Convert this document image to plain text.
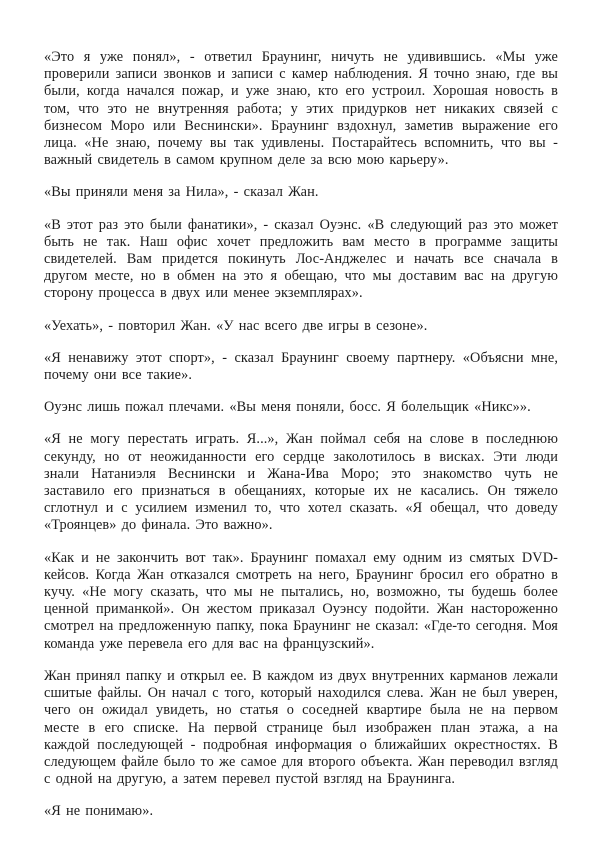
«Это я уже понял», - ответил Браунинг, ничуть не удивившись. «Мы уже проверили записи звонков и записи с камер наблюдения. Я точно знаю, где вы были, когда начался пожар, и уже знаю, кто его устроил. Хорошая новость в том, что это не внутренняя работа; у этих придурков нет никаких связей с бизнесом Моро или Веснински». Браунинг вздохнул, заметив выражение его лица. «Не знаю, почему вы так удивлены. Постарайтесь вспомнить, что вы - важный свидетель в самом крупном деле за всю мою карьеру».

«Вы приняли меня за Нила», - сказал Жан.

«В этот раз это были фанатики», - сказал Оуэнс. «В следующий раз это может быть не так. Наш офис хочет предложить вам место в программе защиты свидетелей. Вам придется покинуть Лос-Анджелес и начать все сначала в другом месте, но в обмен на это я обещаю, что мы доставим вас на другую сторону процесса в двух или менее экземплярах».

«Уехать», - повторил Жан. «У нас всего две игры в сезоне».

«Я ненавижу этот спорт», - сказал Браунинг своему партнеру. «Объясни мне, почему они все такие».

Оуэнс лишь пожал плечами. «Вы меня поняли, босс. Я болельщик «Никс»».

«Я не могу перестать играть. Я...», Жан поймал себя на слове в последнюю секунду, но от неожиданности его сердце заколотилось в висках. Эти люди знали Натаниэля Веснински и Жана-Ива Моро; это знакомство чуть не заставило его признаться в обещаниях, которые их не касались. Он тяжело сглотнул и с усилием изменил то, что хотел сказать. «Я обещал, что доведу «Троянцев» до финала. Это важно».

«Как и не закончить вот так». Браунинг помахал ему одним из смятых DVD-кейсов. Когда Жан отказался смотреть на него, Браунинг бросил его обратно в кучу. «Не могу сказать, что мы не пытались, но, возможно, ты будешь более ценной приманкой». Он жестом приказал Оуэнсу подойти. Жан настороженно смотрел на предложенную папку, пока Браунинг не сказал: «Где-то сегодня. Моя команда уже перевела его для вас на французский».

Жан принял папку и открыл ее. В каждом из двух внутренних карманов лежали сшитые файлы. Он начал с того, который находился слева. Жан не был уверен, чего он ожидал увидеть, но статья о соседней квартире была не на первом месте в его списке. На первой странице был изображен план этажа, а на каждой последующей - подробная информация о ближайших окрестностях. В следующем файле было то же самое для второго объекта. Жан переводил взгляд с одной на другую, а затем перевел пустой взгляд на Браунинга.

«Я не понимаю».
